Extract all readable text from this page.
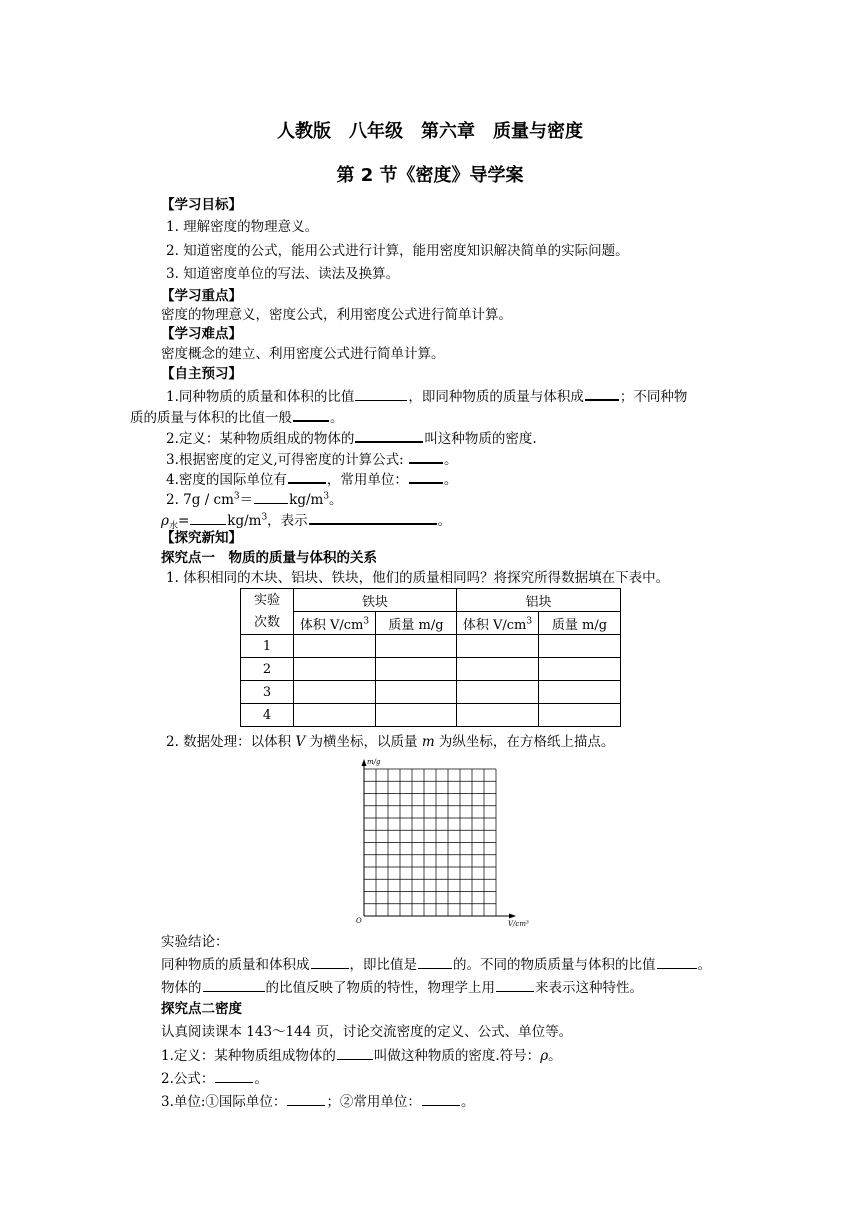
人教版　八年级　第六章　质量与密度
第 2 节《密度》导学案
【学习目标】
1. 理解密度的物理意义。
2. 知道密度的公式，能用公式进行计算，能用密度知识解决简单的实际问题。
3. 知道密度单位的写法、读法及换算。
【学习重点】
密度的物理意义，密度公式，利用密度公式进行简单计算。
【学习难点】
密度概念的建立、利用密度公式进行简单计算。
【自主预习】
1.同种物质的质量和体积的比值	，即同种物质的质量与体积成	；不同种物
质的质量与体积的比值一般	。
2.定义：某种物质组成的物体的	叫这种物质的密度.
3.根据密度的定义,可得密度的计算公式:	。
4.密度的国际单位有	，常用单位：	。
2. $7g / cm^3=$	$kg/m^3$。
$\rho_水=$	$kg/m^3$，表示	。
【探究新知】
探究点一　物质的质量与体积的关系
1. 体积相同的木块、铝块、铁块，他们的质量相同吗？将探究所得数据填在下表中。
实验
次数	铁块		铝块	
	体积 $V/cm^3$	质量 m/g	体积 $V/cm^3$	质量 m/g
1				
2				
3				
4				
2. 数据处理：以体积 V 为横坐标，以质量 m 为纵坐标，在方格纸上描点。
m/g
V/cm³
O
实验结论：
同种物质的质量和体积成	，即比值是	的。不同的物质质量与体积的比值	。
物体的	的比值反映了物质的特性，物理学上用	来表示这种特性。
探究点二密度
认真阅读课本 143～144 页，讨论交流密度的定义、公式、单位等。
1.定义：某种物质组成物体的	叫做这种物质的密度.符号：ρ。
2.公式：	。
3.单位:①国际单位：	；②常用单位：	。
